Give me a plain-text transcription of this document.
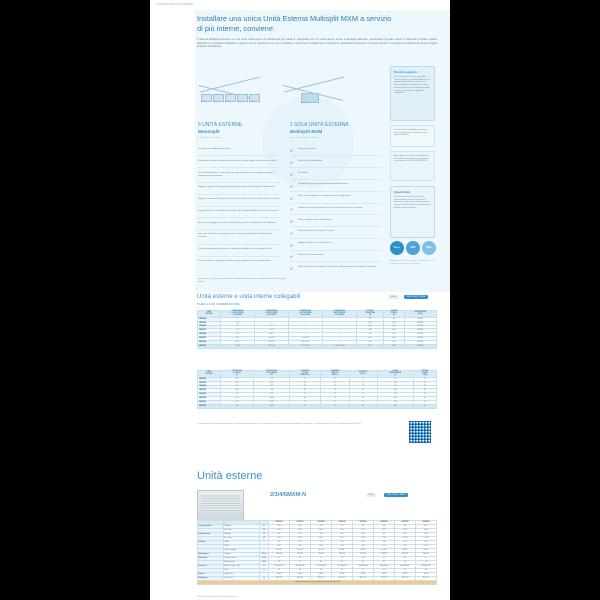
Climatizzatori Multisplit
Installare una unica Unità Esterna Multisplit MXM a servizio di più interne, conviene.
Il sistema Multisplit permette con una unica unità esterna di climatizzare più ambienti, collegando fino a 5 unità interne, anche di tipologia differente, ottimizzando gli spazi esterni e riducendo l'impatto estetico dell'edificio. La soluzione Multisplit è ideale in tutte le situazioni in cui non è possibile o conveniente installare più unità esterne, garantendo comunque un elevato comfort e una gestione indipendente di ogni singolo ambiente climatizzato.
U.E. 1	U.E. 2	U.E. 3	U.E. 4	U.E. 5	MXM
5 UNITÀ ESTERNE
Monosplit
5 unità interne collegate
1 SOLA UNITÀ ESTERNA
Multisplit MXM
fino a 5 unità interne collegate
Occupa il muro delle pareti esterne
Predispone tubazioni ed allacciamenti elettrici per ogni singola unità esterna installata
Onere di installazione e costi ripetuti per ogni unità esterna con maggior impiego di manodopera specializzata
Maggiore quantità di refrigerante impiegato per ogni circuito frigorifero indipendente
Maggiore rumorosità complessiva dovuta alla somma di tutte le unità esterne in funzione
Impatto estetico e architettonico rilevante sulla facciata dell'edificio con più corpi a vista
Necessità di maggiori spazi tecnici disponibili e superfici utili dedicate all'installazione
Ogni unità esterna ha un proprio circuito e una propria gestione di manutenzione separata
Costi di manutenzione ordinaria e straordinaria moltiplicati per il numero di unità
Consumi elettrici in stand-by sommati per ogni singola unità esterna alimentata
✔	Risparmio di spazio
✔	Minori costi di installazione
✔	Flessibilità
✔	Possibilità di gestire ogni ambiente indipendentemente
✔	Unico circuito frigorifero con minore carica di refrigerante
✔	Ridotta rumorosità complessiva con una sola unità esterna in funzione
✔	Minore impatto estetico sulla facciata
✔	Minore ingombro sulle superfici esterne
✔	Maggiore efficienza ai carichi parziali
✔	Semplicità di manutenzione
✔	Riduzione dei consumi elettrici in stand-by e ottimizzazione del rendimento stagionale
Perché sceglierlo
Con una sola unità esterna è possibile climatizzare fino a 5 ambienti differenti, con gestione indipendente di ciascuno. La soluzione ideale per appartamenti, uffici e ambienti dove lo spazio esterno disponibile è limitato o vincolato da regolamenti condominiali.
Le unità interne collegabili sono di tipo a parete, canalizzabili, cassetta, console e pavimento/soffitto.
Ampia gamma di combinazioni disponibili per soddisfare ogni esigenza impiantistica con potenze da 14.000 a 42.000 BTU/h.
Opportunità
La soluzione più conveniente per le ristrutturazioni: un'unica unità esterna, minori opere edili, tempi ridotti di cantiere e accesso alle detrazioni fiscali previste per la riqualificazione energetica.
A+++	R32	WiFi
Refrigerante R32 a basso impatto ambientale e classi di efficienza energetica fino ad A+++.
Le immagini e gli schemi sono indicativi. Le possibili combinazioni sono riportate nelle tabelle alle pagine seguenti.
Unità esterne e unità interne collegabili
TABELLA DI COMBINAZIONE
MXM	MULTISPLIT MXM
UNITÀ
ESTERNA	COMBINAZIONE
2 UNITÀ INTERNE
COLLEGABILI	COMBINAZIONE
3 UNITÀ INTERNE
COLLEGABILI	COMBINAZIONE
4 UNITÀ INTERNE
COLLEGABILI	COMBINAZIONE
5 UNITÀ INTERNE
COLLEGABILI	POTENZA
FRIGORIFERA
kW	POTENZA
TERMICA
kW	ALIMENTAZIONE
V/Ph/Hz
2MXM40N	7+7	—	—	—	4,00	4,40	230/1/50
2MXM50N	7+9	—	—	—	5,00	5,60	230/1/50
3MXM40N	7+7	7+7+7	—	—	4,00	4,40	230/1/50
3MXM52N	7+9	7+7+9	—	—	5,20	6,00	230/1/50
3MXM68N	9+12	9+9+12	—	—	6,80	8,00	230/1/50
4MXM68N	9+12	9+9+12	7+7+9+12	—	6,80	8,00	230/1/50
4MXM80N	12+15	9+12+15	9+9+12+15	—	8,00	9,60	230/1/50
5MXM90N	15+18	12+15+18	9+12+15+18	7+9+12+15+18	9,00	10,80	230/1/50
UNITÀ
ESTERNA	POTENZA MIN.
DI LAVORO
kW	CAPACITÀ MAX.
COLLEGABILE
kW	LUNGHEZZA
TOTALE
TUBAZIONI m	LUNGHEZZA
MAX. PER
UNITÀ m	DISLIVELLO
MAX. m	CARICA
REFRIGERANTE
kg	POTENZA
SONORA
dB(A)
2MXM40N	0,90	5,20	30	20	15	1,10	58
2MXM50N	1,00	6,50	30	20	15	1,20	59
3MXM40N	0,90	6,20	45	25	15	1,30	60
3MXM52N	1,00	7,30	45	25	15	1,40	60
3MXM68N	1,20	9,50	55	25	15	1,60	61
4MXM68N	1,20	10,20	60	25	15	1,70	62
4MXM80N	1,30	11,80	70	25	15	1,90	63
5MXM90N	1,50	14,50	75	25	15	2,15	64
Le combinazioni indicate sono puramente indicative: per l'abbinamento corretto delle unità interne verificare sempre la capacità massima collegabile all'unità esterna. Le potenze riportate sono riferite alle condizioni nominali EN 14511.
Unità esterne
2/3/4/5MXM-N	R32	MULTISPLIT MXM
			2MXM40N	2MXM50N	3MXM40N	3MXM52N	3MXM68N	4MXM68N	4MXM80N	5MXM90N
Potenza frigorifera	Nominale	kW	4,00	5,00	4,00	5,20	6,80	6,80	8,00	9,00
	Min. - Max.	kW	0,9-4,8	1,0-5,6	0,9-5,0	1,0-5,9	1,2-7,5	1,2-7,5	1,3-8,8	1,5-9,6
Potenza termica	Nominale	kW	4,40	5,60	4,40	6,00	8,00	8,00	9,60	10,80
	Min. - Max.	kW	0,9-5,6	1,0-7,2	0,9-6,0	1,0-7,4	1,2-9,4	1,2-9,4	1,3-11,0	1,5-12,2
Efficienza	SEER	—	7,40	7,20	7,30	7,10	7,00	6,90	6,80	6,70
	SCOP	—	4,40	4,30	4,30	4,20	4,10	4,10	4,00	4,00
	Classe energetica	—	A++/A+	A++/A+	A++/A+	A++/A+	A++/A+	A++/A+	A++/A+	A++/A+
Alimentazione	Tensione	V/Ph/Hz	230/1/50	230/1/50	230/1/50	230/1/50	230/1/50	230/1/50	230/1/50	230/1/50
Rumorosità	Pressione sonora	dB(A)	45	46	47	47	48	49	50	51
	Potenza sonora	dB(A)	58	59	60	60	61	62	63	64
Dimensioni	Altezza x Largh. x Prof.	mm	550x765x285	550x765x285	550x765x285	550x765x285	595x845x300	595x845x300	695x930x350	695x930x350
	Peso	kg	34	36	38	38	47	49	62	68
Attacchi	Liquido / Gas	"	1/4-3/8	1/4-3/8	1/4-3/8	1/4-3/8	1/4-3/8	1/4-3/8	1/4-1/2	1/4-1/2
Refrigerante	Tipo / Carica	kg	R32 1,10	R32 1,20	R32 1,30	R32 1,40	R32 1,60	R32 1,70	R32 1,90	R32 2,15
Le prestazioni sono riferite alle condizioni nominali secondo EN 14511										
I dati tecnici possono subire variazioni senza preavviso.
